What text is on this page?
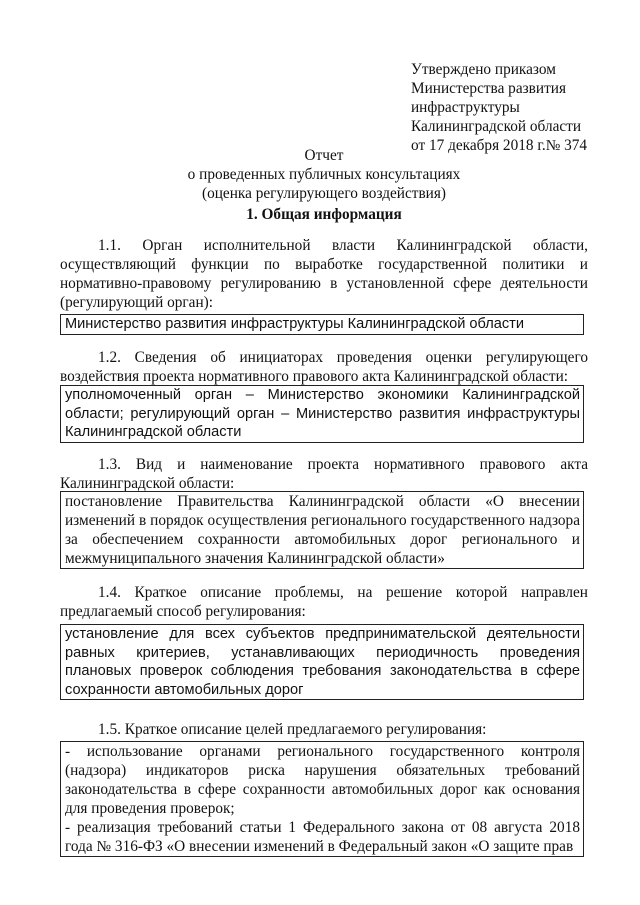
Утверждено приказом
Министерства развития
инфраструктуры
Калининградской области
от 17 декабря 2018 г.№ 374
Отчет
о проведенных публичных консультациях
(оценка регулирующего воздействия)
1. Общая информация
1.1. Орган исполнительной власти Калининградской области, осуществляющий функции по выработке государственной политики и нормативно-правовому регулированию в установленной сфере деятельности (регулирующий орган):
Министерство развития инфраструктуры Калининградской области
1.2. Сведения об инициаторах проведения оценки регулирующего воздействия проекта нормативного правового акта Калининградской области:
уполномоченный орган – Министерство экономики Калининградской области; регулирующий орган – Министерство развития инфраструктуры Калининградской области
1.3. Вид и наименование проекта нормативного правового акта Калининградской области:
постановление Правительства Калининградской области «О внесении изменений в порядок осуществления регионального государственного надзора за обеспечением сохранности автомобильных дорог регионального и межмуниципального значения Калининградской области»
1.4. Краткое описание проблемы, на решение которой направлен предлагаемый способ регулирования:
установление для всех субъектов предпринимательской деятельности равных критериев, устанавливающих периодичность проведения плановых проверок соблюдения требования законодательства в сфере сохранности автомобильных дорог
1.5. Краткое описание целей предлагаемого регулирования:
- использование органами регионального государственного контроля (надзора) индикаторов риска нарушения обязательных требований законодательства в сфере сохранности автомобильных дорог как основания для проведения проверок;
- реализация требований статьи 1 Федерального закона от 08 августа 2018 года № 316-ФЗ «О внесении изменений в Федеральный закон «О защите прав
